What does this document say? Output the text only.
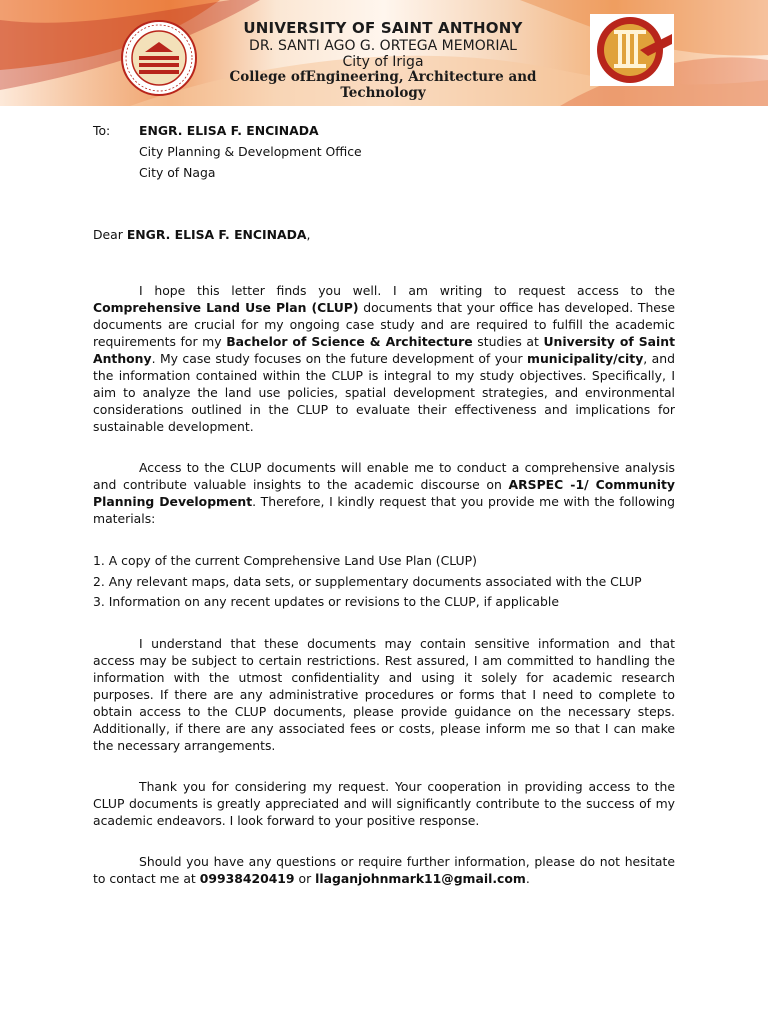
UNIVERSITY OF SAINT ANTHONY
DR. SANTI AGO G. ORTEGA MEMORIAL
City of Iriga
College ofEngineering, Architecture and Technology
To:	ENGR. ELISA F. ENCINADA
City Planning & Development Office
City of Naga
Dear ENGR. ELISA F. ENCINADA,

I hope this letter finds you well. I am writing to request access to the Comprehensive Land Use Plan (CLUP) documents that your office has developed. These documents are crucial for my ongoing case study and are required to fulfill the academic requirements for my Bachelor of Science & Architecture studies at University of Saint Anthony. My case study focuses on the future development of your municipality/city, and the information contained within the CLUP is integral to my study objectives. Specifically, I aim to analyze the land use policies, spatial development strategies, and environmental considerations outlined in the CLUP to evaluate their effectiveness and implications for sustainable development.

Access to the CLUP documents will enable me to conduct a comprehensive analysis and contribute valuable insights to the academic discourse on ARSPEC -1/ Community Planning Development. Therefore, I kindly request that you provide me with the following materials:

1. A copy of the current Comprehensive Land Use Plan (CLUP)
2. Any relevant maps, data sets, or supplementary documents associated with the CLUP
3. Information on any recent updates or revisions to the CLUP, if applicable

I understand that these documents may contain sensitive information and that access may be subject to certain restrictions. Rest assured, I am committed to handling the information with the utmost confidentiality and using it solely for academic research purposes. If there are any administrative procedures or forms that I need to complete to obtain access to the CLUP documents, please provide guidance on the necessary steps. Additionally, if there are any associated fees or costs, please inform me so that I can make the necessary arrangements.

Thank you for considering my request. Your cooperation in providing access to the CLUP documents is greatly appreciated and will significantly contribute to the success of my academic endeavors. I look forward to your positive response.

Should you have any questions or require further information, please do not hesitate to contact me at 09938420419 or llaganjohnmark11@gmail.com.
